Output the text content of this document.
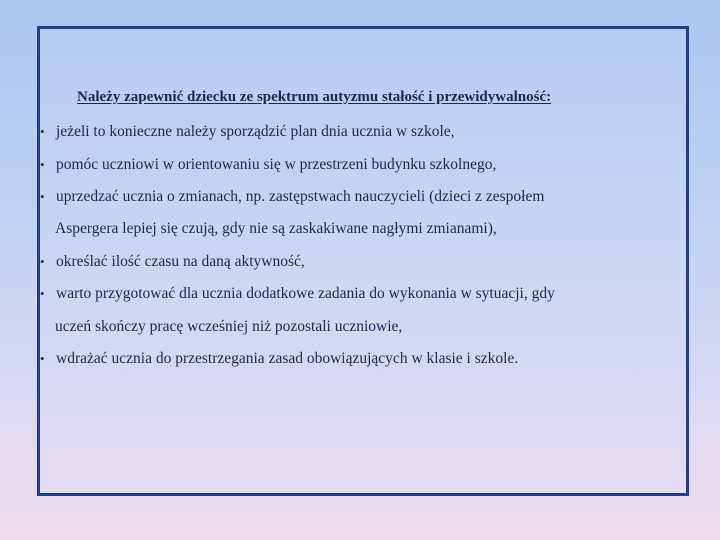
Należy zapewnić dziecku ze spektrum autyzmu stałość i przewidywalność:

• jeżeli to konieczne należy sporządzić plan dnia ucznia w szkole,

• pomóc uczniowi w orientowaniu się w przestrzeni budynku szkolnego,

• uprzedzać ucznia o zmianach, np. zastępstwach nauczycieli (dzieci z zespołem

Aspergera lepiej się czują, gdy nie są zaskakiwane nagłymi zmianami),

• określać ilość czasu na daną aktywność,

• warto przygotować dla ucznia dodatkowe zadania do wykonania w sytuacji, gdy

uczeń skończy pracę wcześniej niż pozostali uczniowie,

• wdrażać ucznia do przestrzegania zasad obowiązujących w klasie i szkole.
